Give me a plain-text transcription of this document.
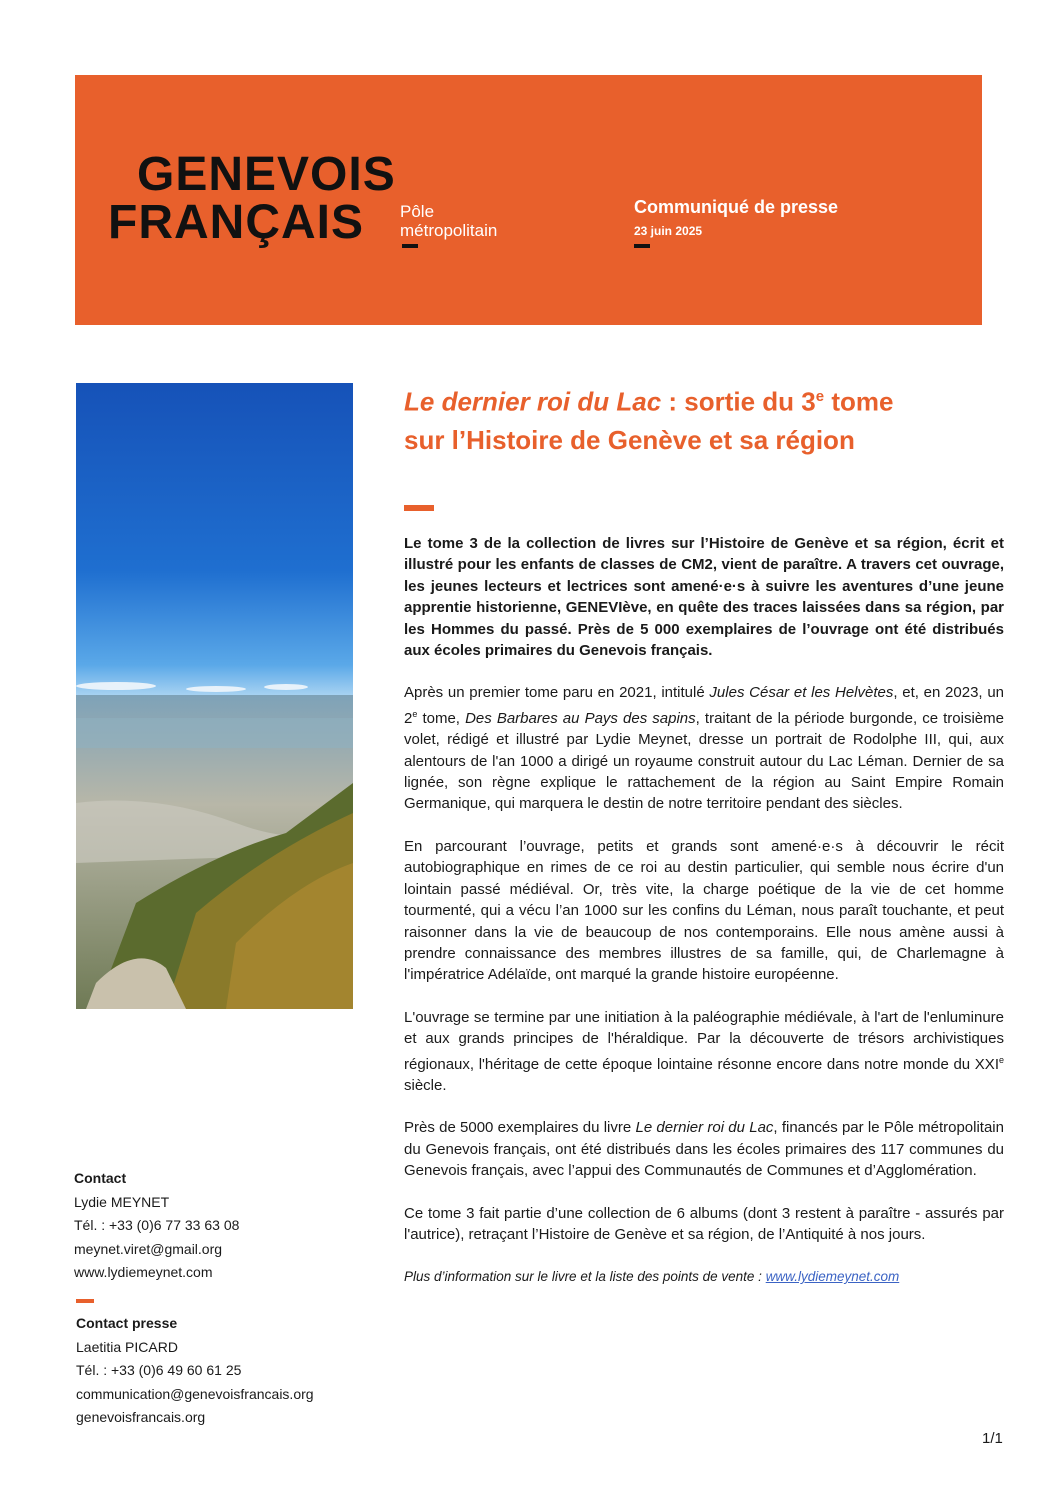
GENEVOIS
FRANÇAIS Pôle
métropolitain
Communiqué de presse
23 juin 2025
Le dernier roi du Lac : sortie du 3e tome
sur l’Histoire de Genève et sa région

Le tome 3 de la collection de livres sur l’Histoire de Genève et sa région, écrit et illustré pour les enfants de classes de CM2, vient de paraître. A travers cet ouvrage, les jeunes lecteurs et lectrices sont amené·e·s à suivre les aventures d’une jeune apprentie historienne, GENEVIève, en quête des traces laissées dans sa région, par les Hommes du passé. Près de 5 000 exemplaires de l’ouvrage ont été distribués aux écoles primaires du Genevois français.

Après un premier tome paru en 2021, intitulé Jules César et les Helvètes, et, en 2023, un 2e tome, Des Barbares au Pays des sapins, traitant de la période burgonde, ce troisième volet, rédigé et illustré par Lydie Meynet, dresse un portrait de Rodolphe III, qui, aux alentours de l'an 1000 a dirigé un royaume construit autour du Lac Léman. Dernier de sa lignée, son règne explique le rattachement de la région au Saint Empire Romain Germanique, qui marquera le destin de notre territoire pendant des siècles.

En parcourant l’ouvrage, petits et grands sont amené·e·s à découvrir le récit autobiographique en rimes de ce roi au destin particulier, qui semble nous écrire d'un lointain passé médiéval. Or, très vite, la charge poétique de la vie de cet homme tourmenté, qui a vécu l’an 1000 sur les confins du Léman, nous paraît touchante, et peut raisonner dans la vie de beaucoup de nos contemporains. Elle nous amène aussi à prendre connaissance des membres illustres de sa famille, qui, de Charlemagne à l'impératrice Adélaïde, ont marqué la grande histoire européenne.

L'ouvrage se termine par une initiation à la paléographie médiévale, à l'art de l'enluminure et aux grands principes de l'héraldique. Par la découverte de trésors archivistiques régionaux, l'héritage de cette époque lointaine résonne encore dans notre monde du XXIe siècle.

Près de 5000 exemplaires du livre Le dernier roi du Lac, financés par le Pôle métropolitain du Genevois français, ont été distribués dans les écoles primaires des 117 communes du Genevois français, avec l’appui des Communautés de Communes et d’Agglomération.

Ce tome 3 fait partie d’une collection de 6 albums (dont 3 restent à paraître - assurés par l'autrice), retraçant l’Histoire de Genève et sa région, de l’Antiquité à nos jours.

Plus d’information sur le livre et la liste des points de vente : www.lydiemeynet.com

Contact
Lydie MEYNET
Tél. : +33 (0)6 77 33 63 08
meynet.viret@gmail.org
www.lydiemeynet.com
Contact presse
Laetitia PICARD
Tél. : +33 (0)6 49 60 61 25
communication@genevoisfrancais.org
genevoisfrancais.org
1/1
